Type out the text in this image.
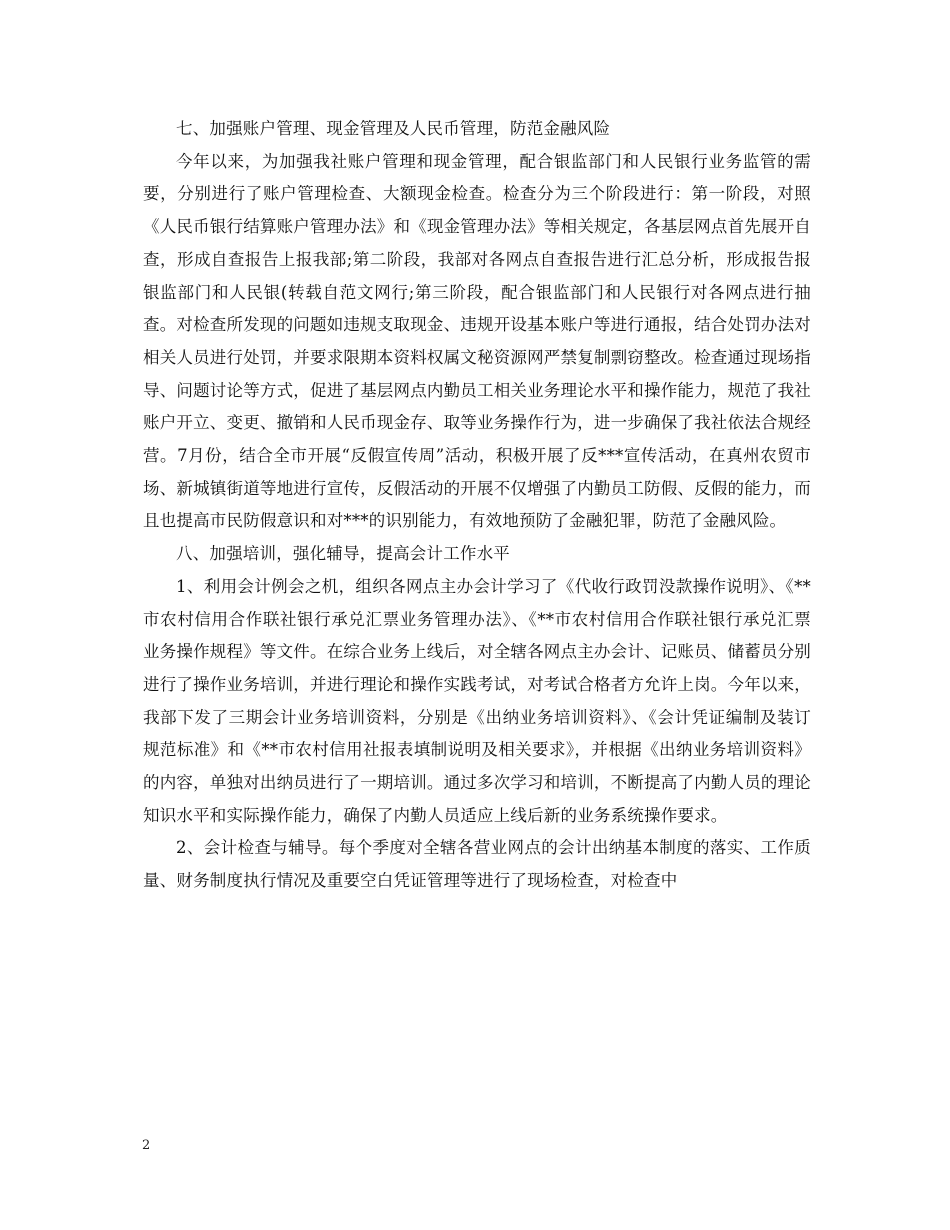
七、加强账户管理、现金管理及人民币管理，防范金融风险

今年以来，为加强我社账户管理和现金管理，配合银监部门和人民银行业务监管的需要，分别进行了账户管理检查、大额现金检查。检查分为三个阶段进行：第一阶段，对照《人民币银行结算账户管理办法》和《现金管理办法》等相关规定，各基层网点首先展开自查，形成自查报告上报我部;第二阶段，我部对各网点自查报告进行汇总分析，形成报告报银监部门和人民银(转载自范文网行;第三阶段，配合银监部门和人民银行对各网点进行抽查。对检查所发现的问题如违规支取现金、违规开设基本账户等进行通报，结合处罚办法对相关人员进行处罚，并要求限期本资料权属文秘资源网严禁复制剽窃整改。检查通过现场指导、问题讨论等方式，促进了基层网点内勤员工相关业务理论水平和操作能力，规范了我社账户开立、变更、撤销和人民币现金存、取等业务操作行为，进一步确保了我社依法合规经营。7月份，结合全市开展“反假宣传周”活动，积极开展了反***宣传活动，在真州农贸市场、新城镇街道等地进行宣传，反假活动的开展不仅增强了内勤员工防假、反假的能力，而且也提高市民防假意识和对***的识别能力，有效地预防了金融犯罪，防范了金融风险。

八、加强培训，强化辅导，提高会计工作水平

1、利用会计例会之机，组织各网点主办会计学习了《代收行政罚没款操作说明》、《**市农村信用合作联社银行承兑汇票业务管理办法》、《**市农村信用合作联社银行承兑汇票业务操作规程》等文件。在综合业务上线后，对全辖各网点主办会计、记账员、储蓄员分别进行了操作业务培训，并进行理论和操作实践考试，对考试合格者方允许上岗。今年以来，我部下发了三期会计业务培训资料，分别是《出纳业务培训资料》、《会计凭证编制及装订规范标准》和《**市农村信用社报表填制说明及相关要求》，并根据《出纳业务培训资料》的内容，单独对出纳员进行了一期培训。通过多次学习和培训，不断提高了内勤人员的理论知识水平和实际操作能力，确保了内勤人员适应上线后新的业务系统操作要求。

2、会计检查与辅导。每个季度对全辖各营业网点的会计出纳基本制度的落实、工作质量、财务制度执行情况及重要空白凭证管理等进行了现场检查，对检查中

2
